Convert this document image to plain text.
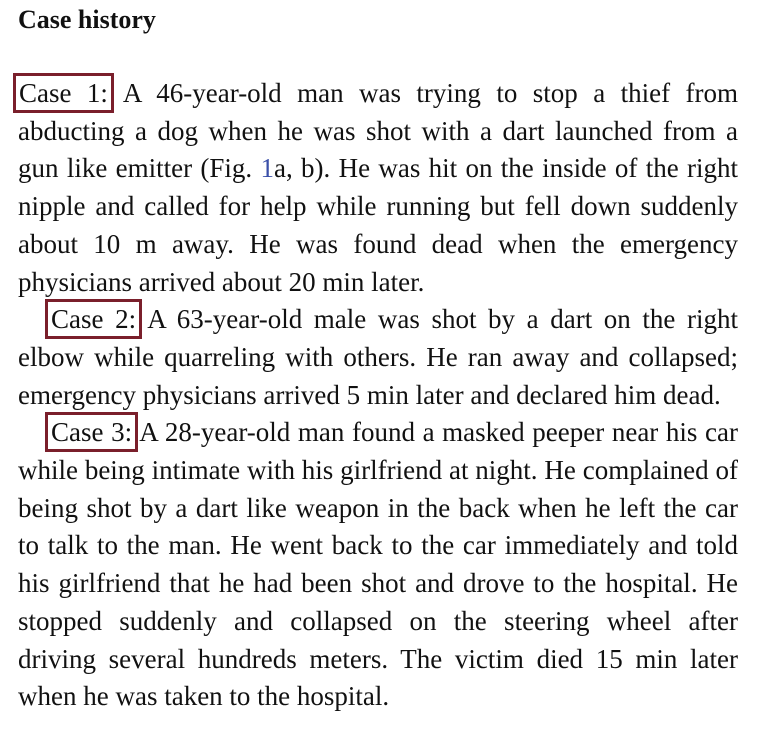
Case history

Case 1: A 46-year-old man was trying to stop a thief from abducting a dog when he was shot with a dart launched from a gun like emitter (Fig. 1a, b). He was hit on the inside of the right nipple and called for help while running but fell down suddenly about 10 m away. He was found dead when the emergency physicians arrived about 20 min later.

Case 2: A 63-year-old male was shot by a dart on the right elbow while quarreling with others. He ran away and collapsed; emergency physicians arrived 5 min later and declared him dead.

Case 3: A 28-year-old man found a masked peeper near his car while being intimate with his girlfriend at night. He complained of being shot by a dart like weapon in the back when he left the car to talk to the man. He went back to the car immediately and told his girlfriend that he had been shot and drove to the hospital. He stopped suddenly and collapsed on the steering wheel after driving several hundreds meters. The victim died 15 min later when he was taken to the hospital.
